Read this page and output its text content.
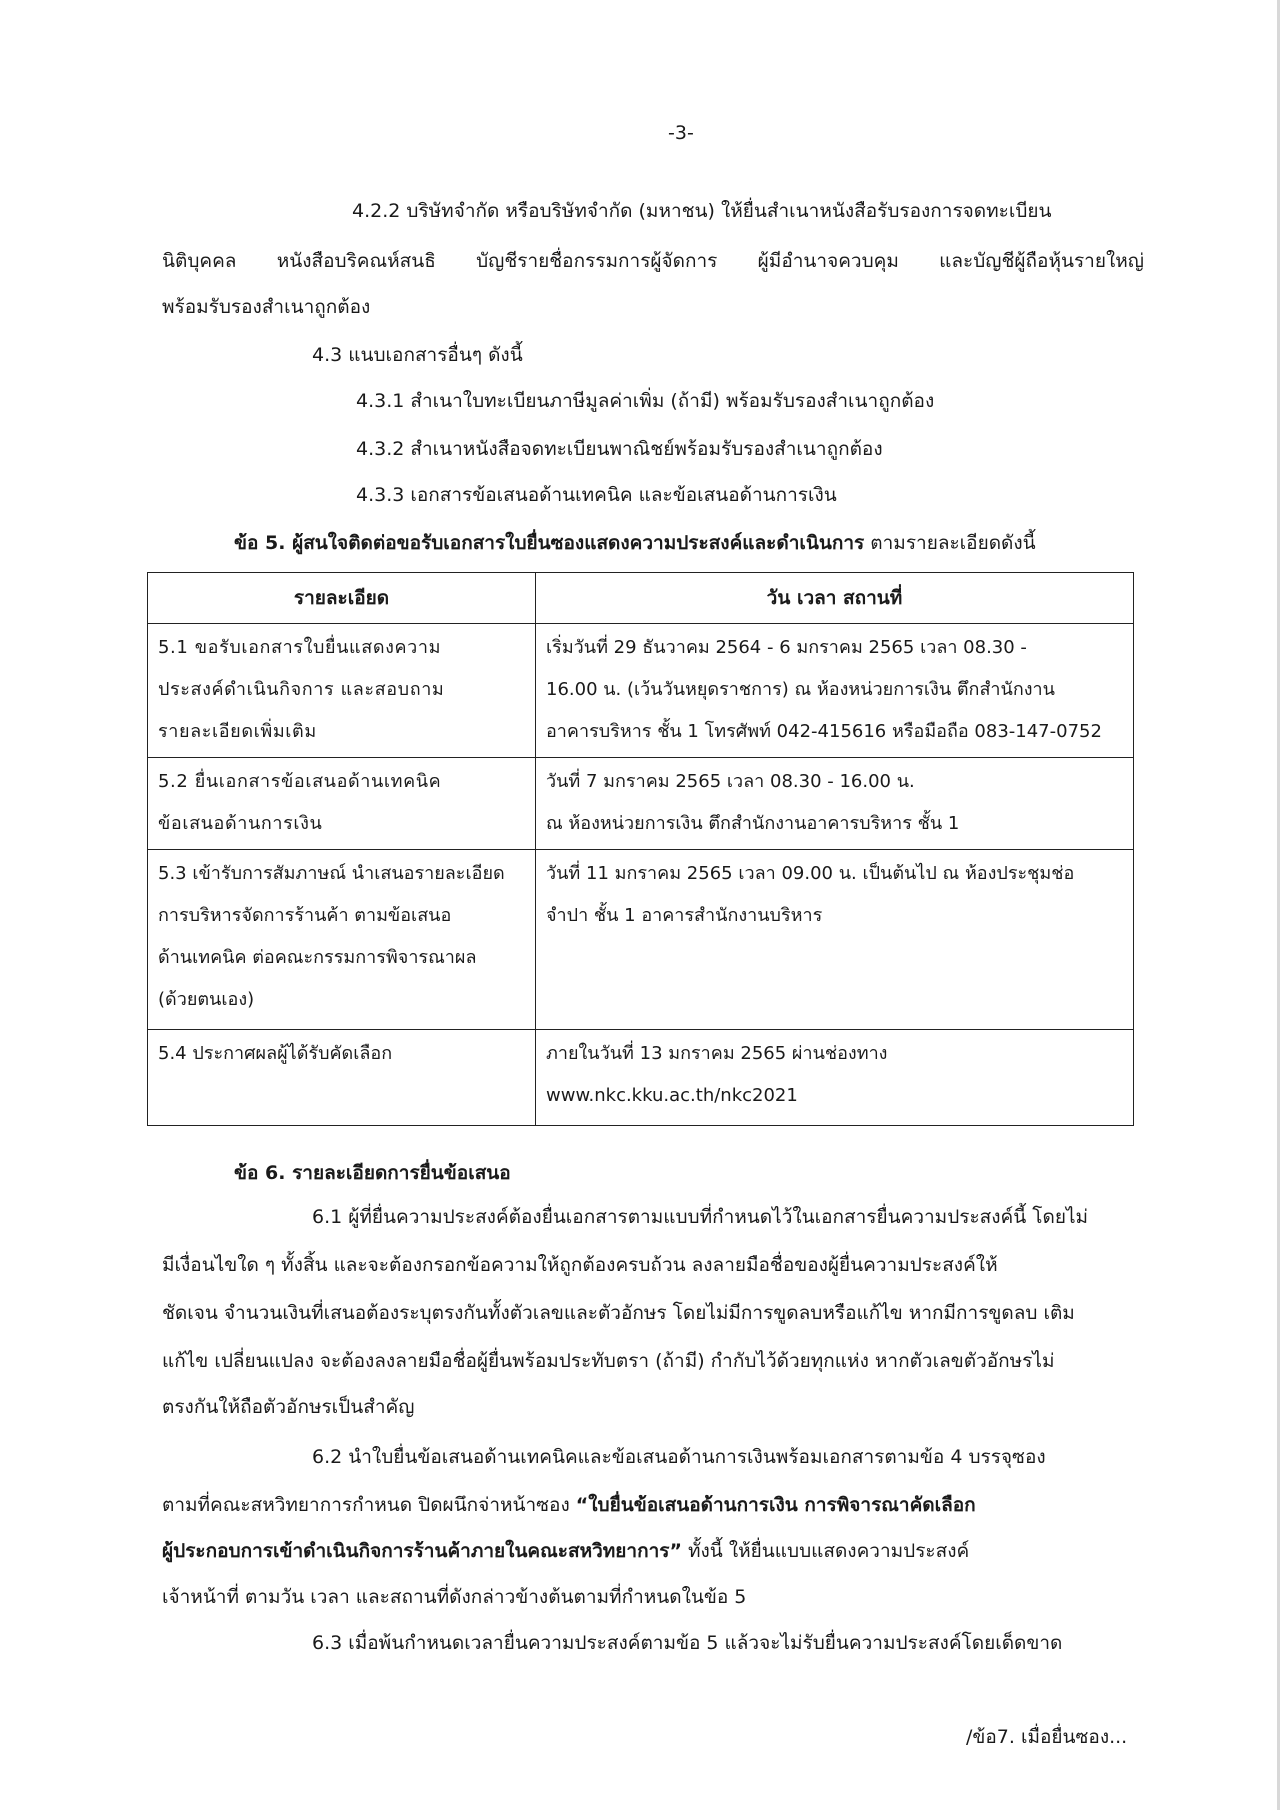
-3-
4.2.2 บริษัทจำกัด หรือบริษัทจำกัด (มหาชน) ให้ยื่นสำเนาหนังสือรับรองการจดทะเบียน
นิติบุคคล หนังสือบริคณห์สนธิ บัญชีรายชื่อกรรมการผู้จัดการ ผู้มีอำนาจควบคุม และบัญชีผู้ถือหุ้นรายใหญ่
พร้อมรับรองสำเนาถูกต้อง
4.3 แนบเอกสารอื่นๆ ดังนี้
4.3.1 สำเนาใบทะเบียนภาษีมูลค่าเพิ่ม (ถ้ามี) พร้อมรับรองสำเนาถูกต้อง
4.3.2 สำเนาหนังสือจดทะเบียนพาณิชย์พร้อมรับรองสำเนาถูกต้อง
4.3.3 เอกสารข้อเสนอด้านเทคนิค และข้อเสนอด้านการเงิน
ข้อ 5. ผู้สนใจติดต่อขอรับเอกสารใบยื่นซองแสดงความประสงค์และดำเนินการ ตามรายละเอียดดังนี้
รายละเอียด	วัน เวลา สถานที่
5.1 ขอรับเอกสารใบยื่นแสดงความ
ประสงค์ดำเนินกิจการ และสอบถาม
รายละเอียดเพิ่มเติม
เริ่มวันที่ 29 ธันวาคม 2564 - 6 มกราคม 2565 เวลา 08.30 -
16.00 น. (เว้นวันหยุดราชการ) ณ ห้องหน่วยการเงิน ตึกสำนักงาน
อาคารบริหาร ชั้น 1 โทรศัพท์ 042-415616 หรือมือถือ 083-147-0752
5.2 ยื่นเอกสารข้อเสนอด้านเทคนิค
ข้อเสนอด้านการเงิน
วันที่ 7 มกราคม 2565 เวลา 08.30 - 16.00 น.
ณ ห้องหน่วยการเงิน ตึกสำนักงานอาคารบริหาร ชั้น 1
5.3 เข้ารับการสัมภาษณ์ นำเสนอรายละเอียด
การบริหารจัดการร้านค้า ตามข้อเสนอ
ด้านเทคนิค ต่อคณะกรรมการพิจารณาผล
(ด้วยตนเอง)
วันที่ 11 มกราคม 2565 เวลา 09.00 น. เป็นต้นไป ณ ห้องประชุมช่อ
จำปา ชั้น 1 อาคารสำนักงานบริหาร
5.4 ประกาศผลผู้ได้รับคัดเลือก	ภายในวันที่ 13 มกราคม 2565 ผ่านช่องทาง
www.nkc.kku.ac.th/nkc2021
ข้อ 6. รายละเอียดการยื่นข้อเสนอ
6.1 ผู้ที่ยื่นความประสงค์ต้องยื่นเอกสารตามแบบที่กำหนดไว้ในเอกสารยื่นความประสงค์นี้ โดยไม่
มีเงื่อนไขใด ๆ ทั้งสิ้น และจะต้องกรอกข้อความให้ถูกต้องครบถ้วน ลงลายมือชื่อของผู้ยื่นความประสงค์ให้
ชัดเจน จำนวนเงินที่เสนอต้องระบุตรงกันทั้งตัวเลขและตัวอักษร โดยไม่มีการขูดลบหรือแก้ไข หากมีการขูดลบ เติม
แก้ไข เปลี่ยนแปลง จะต้องลงลายมือชื่อผู้ยื่นพร้อมประทับตรา (ถ้ามี) กำกับไว้ด้วยทุกแห่ง หากตัวเลขตัวอักษรไม่
ตรงกันให้ถือตัวอักษรเป็นสำคัญ
6.2 นำใบยื่นข้อเสนอด้านเทคนิคและข้อเสนอด้านการเงินพร้อมเอกสารตามข้อ 4 บรรจุซอง
ตามที่คณะสหวิทยาการกำหนด ปิดผนึกจ่าหน้าซอง “ใบยื่นข้อเสนอด้านการเงิน การพิจารณาคัดเลือก
ผู้ประกอบการเข้าดำเนินกิจการร้านค้าภายในคณะสหวิทยาการ” ทั้งนี้ ให้ยื่นแบบแสดงความประสงค์
เจ้าหน้าที่ ตามวัน เวลา และสถานที่ดังกล่าวข้างต้นตามที่กำหนดในข้อ 5
6.3 เมื่อพ้นกำหนดเวลายื่นความประสงค์ตามข้อ 5 แล้วจะไม่รับยื่นความประสงค์โดยเด็ดขาด
/ข้อ7. เมื่อยื่นซอง...
